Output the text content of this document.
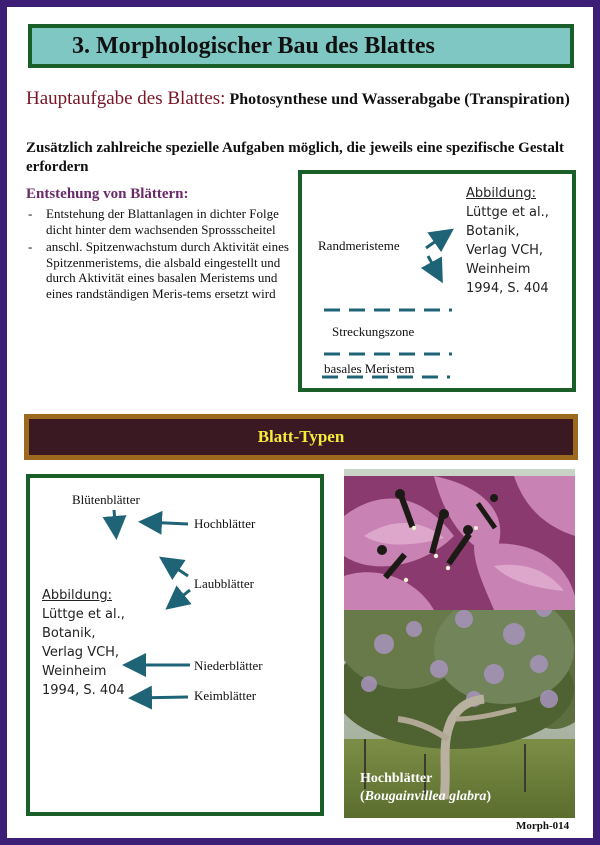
3. Morphologischer Bau des Blattes
Hauptaufgabe des Blattes: Photosynthese und Wasserabgabe (Transpiration)
Zusätzlich zahlreiche spezielle Aufgaben möglich, die jeweils eine spezifische Gestalt erfordern
Entstehung von Blättern:
- Entstehung der Blattanlagen in dichter Folge dicht hinter dem wachsenden Sprossscheitel
- anschl. Spitzenwachstum durch Aktivität eines Spitzenmeristems, die alsbald eingestellt und durch Aktivität eines basalen Meristems und eines randständigen Meris-tems ersetzt wird
Abbildung:
Lüttge et al.,
Botanik,
Verlag VCH,
Weinheim
1994, S. 404
Randmeristeme
Streckungszone
basales Meristem
Blatt-Typen
Blütenblätter
Hochblätter
Laubblätter
Niederblätter
Keimblätter
Abbildung:
Lüttge et al.,
Botanik,
Verlag VCH,
Weinheim
1994, S. 404
Hochblätter
(Bougainvillea glabra)
Morph-014
